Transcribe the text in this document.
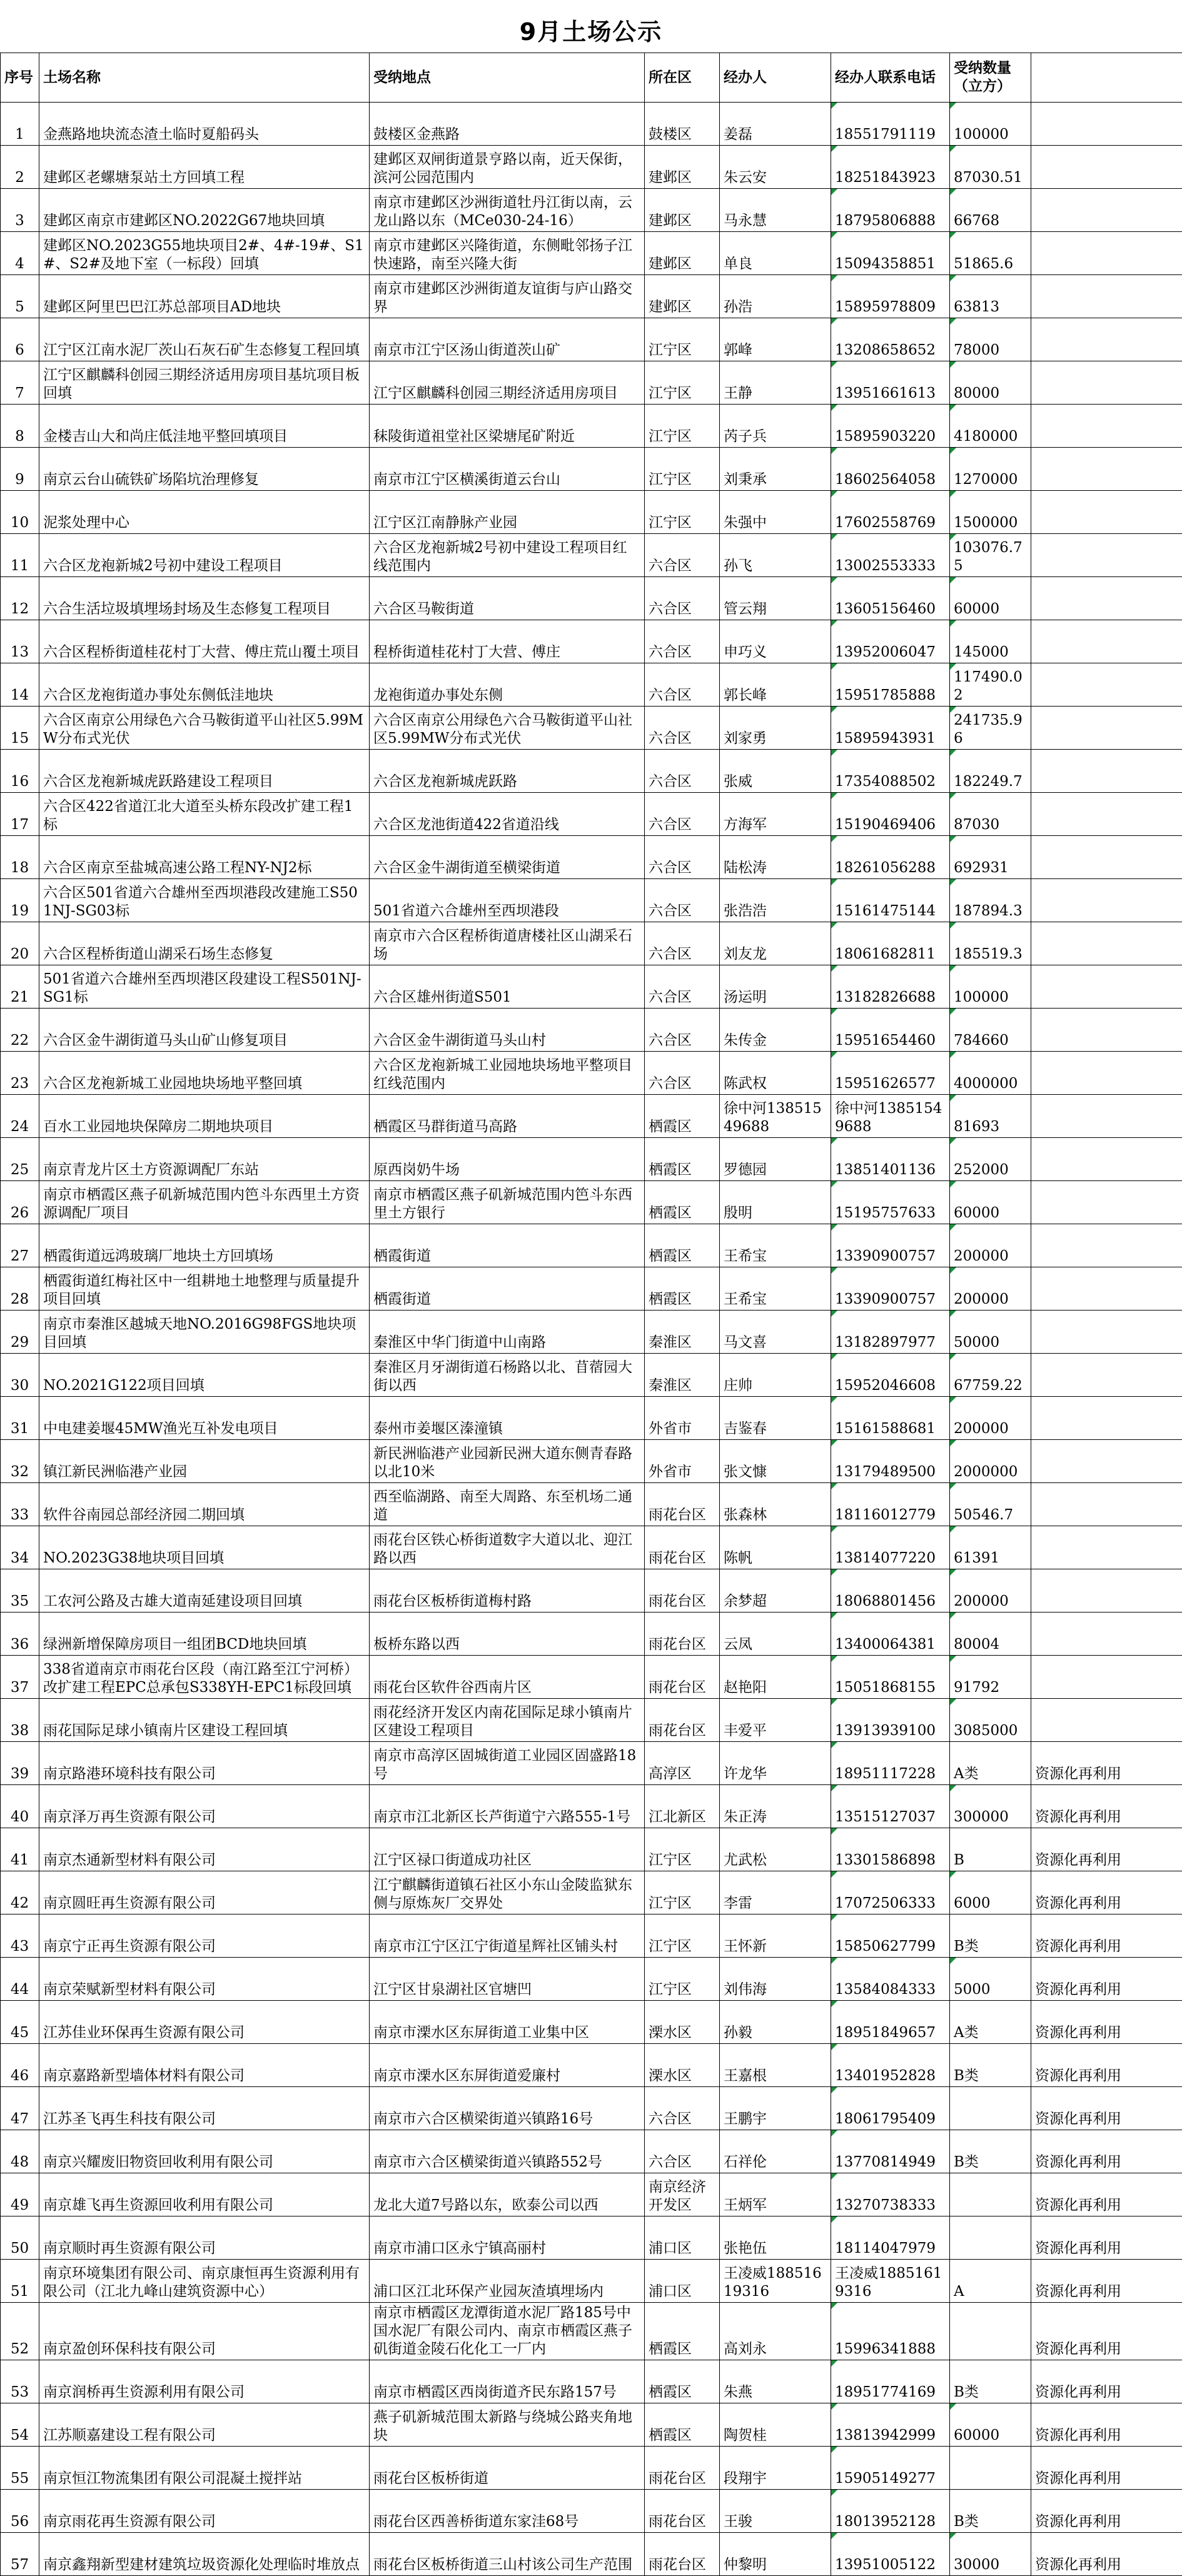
9月土场公示
序号	土场名称	受纳地点	所在区	经办人	经办人联系电话	受纳数量（立方）	
1	金燕路地块流态渣土临时夏船码头	鼓楼区金燕路	鼓楼区	姜磊	18551791119	100000	
2	建邺区老螺塘泵站土方回填工程	建邺区双闸街道景亨路以南，近天保街，滨河公园范围内	建邺区	朱云安	18251843923	87030.51	
3	建邺区南京市建邺区NO.2022G67地块回填	南京市建邺区沙洲街道牡丹江街以南，云龙山路以东（MCe030-24-16）	建邺区	马永慧	18795806888	66768	
4	建邺区NO.2023G55地块项目2#、4#-19#、S1#、S2#及地下室（一标段）回填	南京市建邺区兴隆街道，东侧毗邻扬子江快速路，南至兴隆大街	建邺区	单良	15094358851	51865.6	
5	建邺区阿里巴巴江苏总部项目AD地块	南京市建邺区沙洲街道友谊街与庐山路交界	建邺区	孙浩	15895978809	63813	
6	江宁区江南水泥厂茨山石灰石矿生态修复工程回填	南京市江宁区汤山街道茨山矿	江宁区	郭峰	13208658652	78000	
7	江宁区麒麟科创园三期经济适用房项目基坑项目板回填	江宁区麒麟科创园三期经济适用房项目	江宁区	王静	13951661613	80000	
8	金楼吉山大和尚庄低洼地平整回填项目	秣陵街道祖堂社区梁塘尾矿附近	江宁区	芮子兵	15895903220	4180000	
9	南京云台山硫铁矿场陷坑治理修复	南京市江宁区横溪街道云台山	江宁区	刘秉承	18602564058	1270000	
10	泥浆处理中心	江宁区江南静脉产业园	江宁区	朱强中	17602558769	1500000	
11	六合区龙袍新城2号初中建设工程项目	六合区龙袍新城2号初中建设工程项目红线范围内	六合区	孙飞	13002553333	103076.75	
12	六合生活垃圾填埋场封场及生态修复工程项目	六合区马鞍街道	六合区	管云翔	13605156460	60000	
13	六合区程桥街道桂花村丁大营、傅庄荒山覆土项目	程桥街道桂花村丁大营、傅庄	六合区	申巧义	13952006047	145000	
14	六合区龙袍街道办事处东侧低洼地块	龙袍街道办事处东侧	六合区	郭长峰	15951785888	117490.02	
15	六合区南京公用绿色六合马鞍街道平山社区5.99MW分布式光伏	六合区南京公用绿色六合马鞍街道平山社区5.99MW分布式光伏	六合区	刘家勇	15895943931	241735.96	
16	六合区龙袍新城虎跃路建设工程项目	六合区龙袍新城虎跃路	六合区	张威	17354088502	182249.7	
17	六合区422省道江北大道至头桥东段改扩建工程1标	六合区龙池街道422省道沿线	六合区	方海军	15190469406	87030	
18	六合区南京至盐城高速公路工程NY-NJ2标	六合区金牛湖街道至横梁街道	六合区	陆松涛	18261056288	692931	
19	六合区501省道六合雄州至西坝港段改建施工S501NJ-SG03标	501省道六合雄州至西坝港段	六合区	张浩浩	15161475144	187894.3	
20	六合区程桥街道山湖采石场生态修复	南京市六合区程桥街道唐楼社区山湖采石场	六合区	刘友龙	18061682811	185519.3	
21	501省道六合雄州至西坝港区段建设工程S501NJ-SG1标	六合区雄州街道S501	六合区	汤运明	13182826688	100000	
22	六合区金牛湖街道马头山矿山修复项目	六合区金牛湖街道马头山村	六合区	朱传金	15951654460	784660	
23	六合区龙袍新城工业园地块场地平整回填	六合区龙袍新城工业园地块场地平整项目红线范围内	六合区	陈武权	15951626577	4000000	
24	百水工业园地块保障房二期地块项目	栖霞区马群街道马高路	栖霞区	徐中河13851549688	徐中河13851549688	81693	
25	南京青龙片区土方资源调配厂东站	原西岗奶牛场	栖霞区	罗德园	13851401136	252000	
26	南京市栖霞区燕子矶新城范围内笆斗东西里土方资源调配厂项目	南京市栖霞区燕子矶新城范围内笆斗东西里土方银行	栖霞区	殷明	15195757633	60000	
27	栖霞街道远鸿玻璃厂地块土方回填场	栖霞街道	栖霞区	王希宝	13390900757	200000	
28	栖霞街道红梅社区中一组耕地土地整理与质量提升项目回填	栖霞街道	栖霞区	王希宝	13390900757	200000	
29	南京市秦淮区越城天地NO.2016G98FGS地块项目回填	秦淮区中华门街道中山南路	秦淮区	马文喜	13182897977	50000	
30	NO.2021G122项目回填	秦淮区月牙湖街道石杨路以北、苜蓿园大街以西	秦淮区	庄帅	15952046608	67759.22	
31	中电建姜堰45MW渔光互补发电项目	泰州市姜堰区溱潼镇	外省市	吉鉴春	15161588681	200000	
32	镇江新民洲临港产业园	新民洲临港产业园新民洲大道东侧青春路以北10米	外省市	张文慷	13179489500	2000000	
33	软件谷南园总部经济园二期回填	西至临湖路、南至大周路、东至机场二通道	雨花台区	张森林	18116012779	50546.7	
34	NO.2023G38地块项目回填	雨花台区铁心桥街道数字大道以北、迎江路以西	雨花台区	陈帆	13814077220	61391	
35	工农河公路及古雄大道南延建设项目回填	雨花台区板桥街道梅村路	雨花台区	余梦超	18068801456	200000	
36	绿洲新增保障房项目一组团BCD地块回填	板桥东路以西	雨花台区	云凤	13400064381	80004	
37	338省道南京市雨花台区段（南江路至江宁河桥）改扩建工程EPC总承包S338YH-EPC1标段回填	雨花台区软件谷西南片区	雨花台区	赵艳阳	15051868155	91792	
38	雨花国际足球小镇南片区建设工程回填	雨花经济开发区内南花国际足球小镇南片区建设工程项目	雨花台区	丰爱平	13913939100	3085000	
39	南京路港环境科技有限公司	南京市高淳区固城街道工业园区固盛路18号	高淳区	许龙华	18951117228	A类	资源化再利用
40	南京泽万再生资源有限公司	南京市江北新区长芦街道宁六路555-1号	江北新区	朱正涛	13515127037	300000	资源化再利用
41	南京杰通新型材料有限公司	江宁区禄口街道成功社区	江宁区	尤武松	13301586898	B	资源化再利用
42	南京圆旺再生资源有限公司	江宁麒麟街道镇石社区小东山金陵监狱东侧与原炼灰厂交界处	江宁区	李雷	17072506333	6000	资源化再利用
43	南京宁正再生资源有限公司	南京市江宁区江宁街道星辉社区铺头村	江宁区	王怀新	15850627799	B类	资源化再利用
44	南京荣赋新型材料有限公司	江宁区甘泉湖社区官塘凹	江宁区	刘伟海	13584084333	5000	资源化再利用
45	江苏佳业环保再生资源有限公司	南京市溧水区东屏街道工业集中区	溧水区	孙毅	18951849657	A类	资源化再利用
46	南京嘉路新型墙体材料有限公司	南京市溧水区东屏街道爱廉村	溧水区	王嘉根	13401952828	B类	资源化再利用
47	江苏圣飞再生科技有限公司	南京市六合区横梁街道兴镇路16号	六合区	王鹏宇	18061795409		资源化再利用
48	南京兴耀废旧物资回收利用有限公司	南京市六合区横梁街道兴镇路552号	六合区	石祥伦	13770814949	B类	资源化再利用
49	南京雄飞再生资源回收利用有限公司	龙北大道7号路以东，欧泰公司以西	南京经济开发区	王炳军	13270738333		资源化再利用
50	南京顺时再生资源有限公司	南京市浦口区永宁镇高丽村	浦口区	张艳伍	18114047979		资源化再利用
51	南京环境集团有限公司、南京康恒再生资源利用有限公司（江北九峰山建筑资源中心）	浦口区江北环保产业园灰渣填埋场内	浦口区	王凌威18851619316	王凌威18851619316	A	资源化再利用
52	南京盈创环保科技有限公司	南京市栖霞区龙潭街道水泥厂路185号中国水泥厂有限公司内、南京市栖霞区燕子矶街道金陵石化化工一厂内	栖霞区	高刘永	15996341888		资源化再利用
53	南京润桥再生资源利用有限公司	南京市栖霞区西岗街道齐民东路157号	栖霞区	朱燕	18951774169	B类	资源化再利用
54	江苏顺嘉建设工程有限公司	燕子矶新城范围太新路与绕城公路夹角地块	栖霞区	陶贺桂	13813942999	60000	资源化再利用
55	南京恒江物流集团有限公司混凝土搅拌站	雨花台区板桥街道	雨花台区	段翔宇	15905149277		资源化再利用
56	南京雨花再生资源有限公司	雨花台区西善桥街道东家洼68号	雨花台区	王骏	18013952128	B类	资源化再利用
57	南京鑫翔新型建材建筑垃圾资源化处理临时堆放点	雨花台区板桥街道三山村该公司生产范围	雨花台区	仲黎明	13951005122	30000	资源化再利用
